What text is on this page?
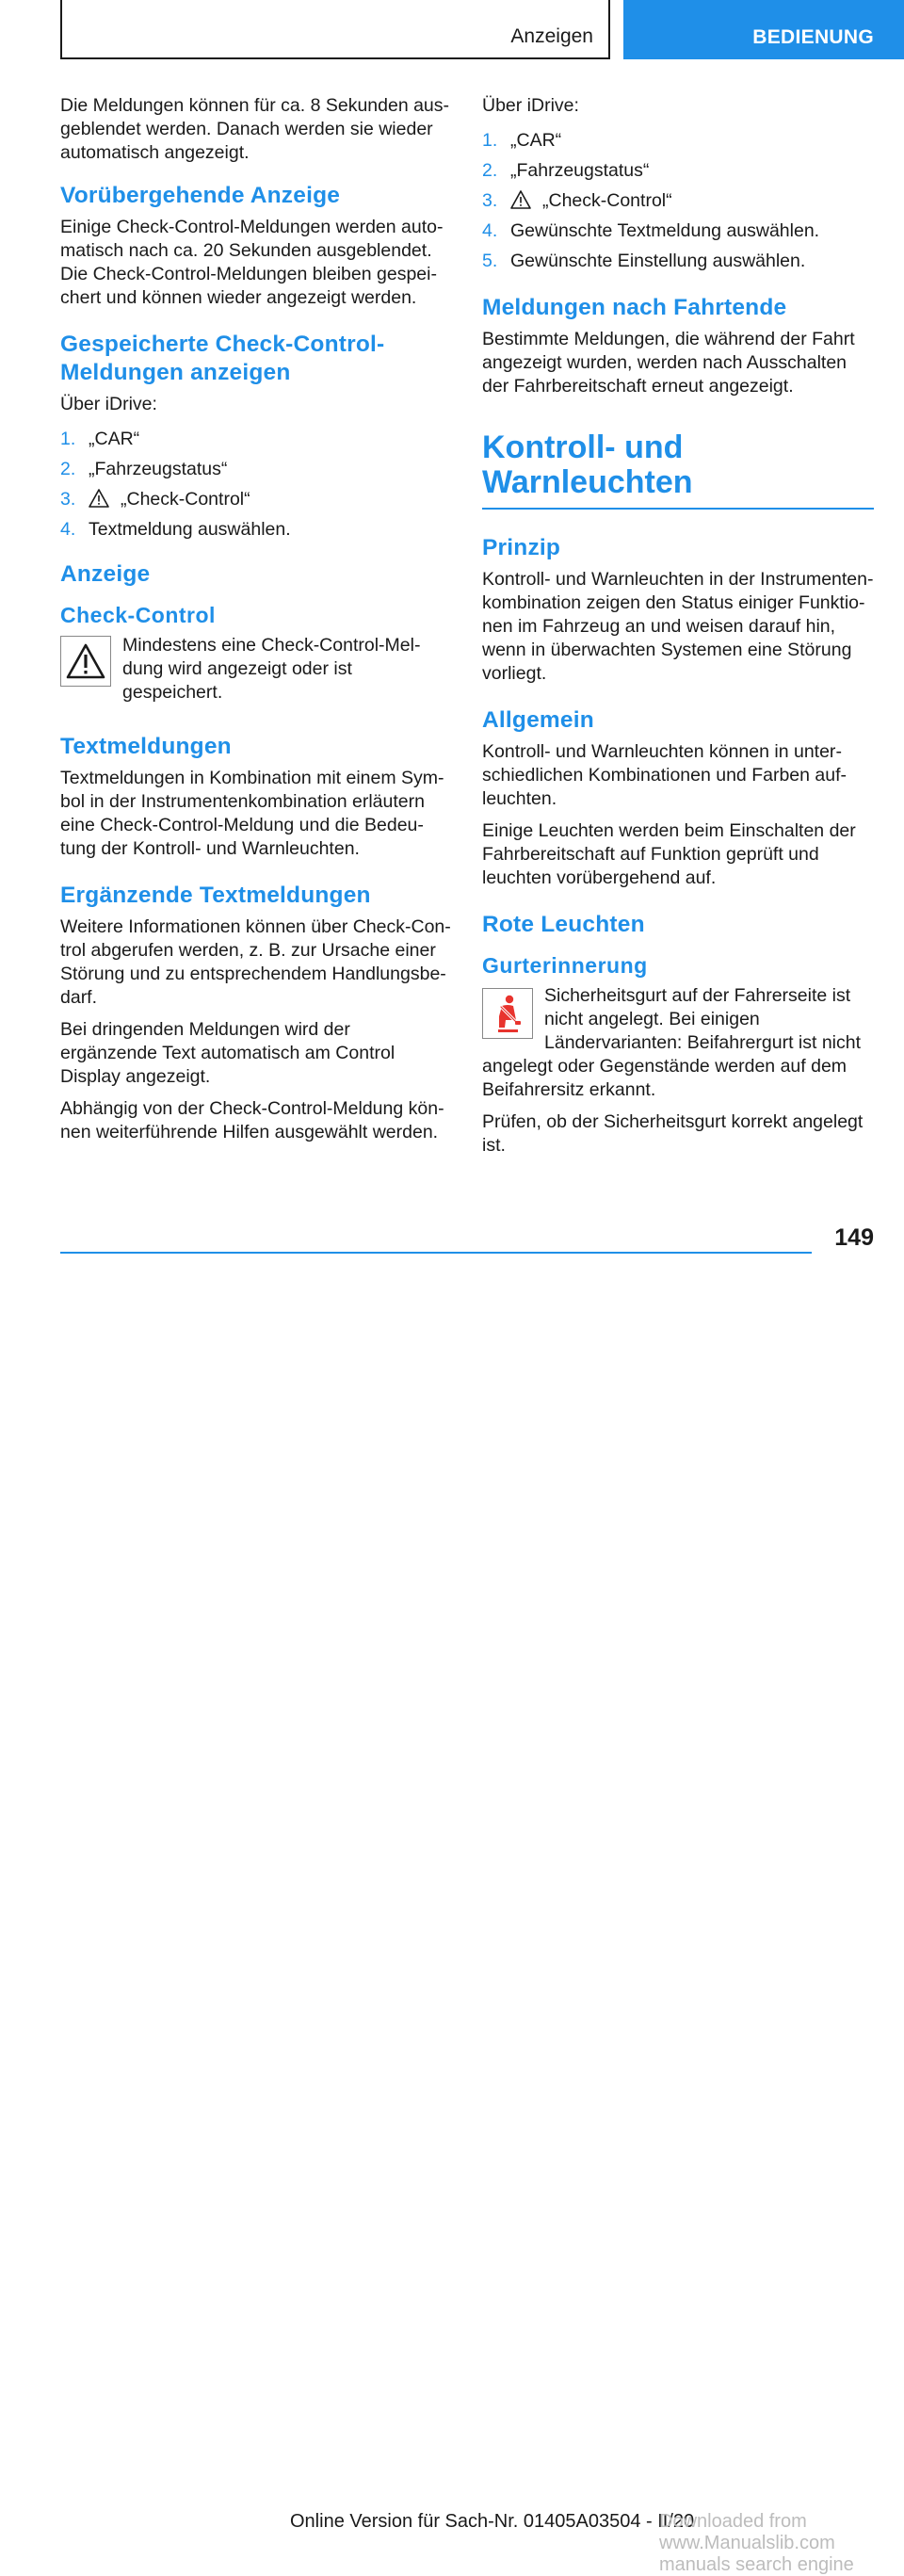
Anzeigen	BEDIENUNG

Die Meldungen können für ca. 8 Sekunden ausgeblendet werden. Danach werden sie wieder automatisch angezeigt.

Vorübergehende Anzeige

Einige Check-Control-Meldungen werden automatisch nach ca. 20 Sekunden ausgeblendet. Die Check-Control-Meldungen bleiben gespeichert und können wieder angezeigt werden.

Gespeicherte Check-Control-Meldungen anzeigen

Über iDrive:

1. „CAR“
2. „Fahrzeugstatus“
3. „Check-Control“
4. Textmeldung auswählen.
Anzeige
Check-Control
Mindestens eine Check-Control-Meldung wird angezeigt oder ist gespeichert.
Textmeldungen

Textmeldungen in Kombination mit einem Symbol in der Instrumentenkombination erläutern eine Check-Control-Meldung und die Bedeutung der Kontroll- und Warnleuchten.

Ergänzende Textmeldungen

Weitere Informationen können über Check-Control abgerufen werden, z. B. zur Ursache einer Störung und zu entsprechendem Handlungsbedarf.

Bei dringenden Meldungen wird der ergänzende Text automatisch am Control Display angezeigt.

Abhängig von der Check-Control-Meldung können weiterführende Hilfen ausgewählt werden.

Über iDrive:

1. „CAR“
2. „Fahrzeugstatus“
3. „Check-Control“
4. Gewünschte Textmeldung auswählen.
5. Gewünschte Einstellung auswählen.
Meldungen nach Fahrtende

Bestimmte Meldungen, die während der Fahrt angezeigt wurden, werden nach Ausschalten der Fahrbereitschaft erneut angezeigt.

Kontroll- und Warnleuchten
Prinzip

Kontroll- und Warnleuchten in der Instrumentenkombination zeigen den Status einiger Funktionen im Fahrzeug an und weisen darauf hin, wenn in überwachten Systemen eine Störung vorliegt.

Allgemein

Kontroll- und Warnleuchten können in unterschiedlichen Kombinationen und Farben aufleuchten.

Einige Leuchten werden beim Einschalten der Fahrbereitschaft auf Funktion geprüft und leuchten vorübergehend auf.

Rote Leuchten
Gurterinnerung

Sicherheitsgurt auf der Fahrerseite ist nicht angelegt. Bei einigen Ländervarianten: Beifahrergurt ist nicht angelegt oder Gegenstände werden auf dem Beifahrersitz erkannt.

Prüfen, ob der Sicherheitsgurt korrekt angelegt ist.

149
Online Version für Sach-Nr. 01405A03504 - II/20
Downloaded from www.Manualslib.com manuals search engine
